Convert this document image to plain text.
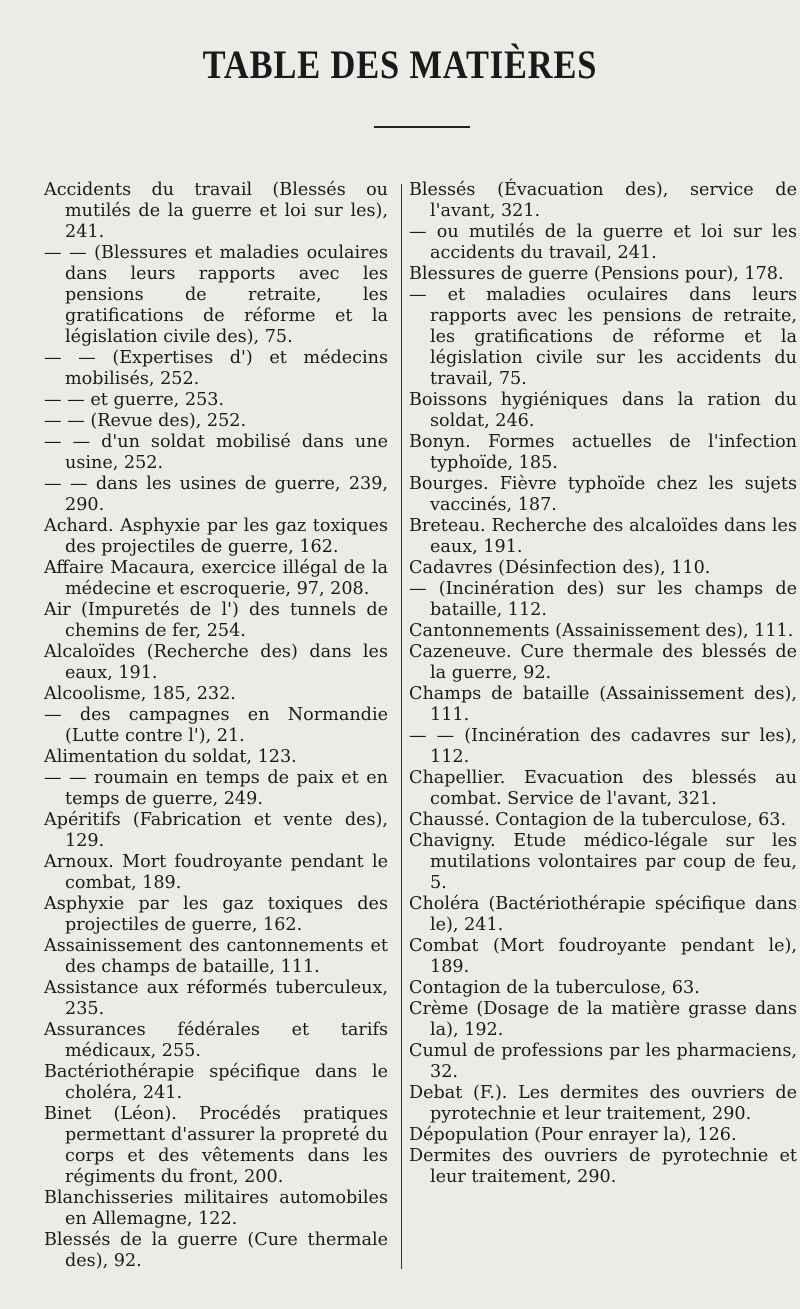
TABLE DES MATIÈRES

Accidents du travail (Blessés ou mutilés de la guerre et loi sur les), 241.

— — (Blessures et maladies oculaires dans leurs rapports avec les pensions de retraite, les gratifications de réforme et la législation civile des), 75.

— — (Expertises d') et médecins mobilisés, 252.

— — et guerre, 253.

— — (Revue des), 252.

— — d'un soldat mobilisé dans une usine, 252.

— — dans les usines de guerre, 239, 290.

Achard. Asphyxie par les gaz toxiques des projectiles de guerre, 162.

Affaire Macaura, exercice illégal de la médecine et escroquerie, 97, 208.

Air (Impuretés de l') des tunnels de chemins de fer, 254.

Alcaloïdes (Recherche des) dans les eaux, 191.

Alcoolisme, 185, 232.

— des campagnes en Normandie (Lutte contre l'), 21.

Alimentation du soldat, 123.

— — roumain en temps de paix et en temps de guerre, 249.

Apéritifs (Fabrication et vente des), 129.

Arnoux. Mort foudroyante pendant le combat, 189.

Asphyxie par les gaz toxiques des projectiles de guerre, 162.

Assainissement des cantonnements et des champs de bataille, 111.

Assistance aux réformés tuberculeux, 235.

Assurances fédérales et tarifs médicaux, 255.

Bactériothérapie spécifique dans le choléra, 241.

Binet (Léon). Procédés pratiques permettant d'assurer la propreté du corps et des vêtements dans les régiments du front, 200.

Blanchisseries militaires automobiles en Allemagne, 122.

Blessés de la guerre (Cure thermale des), 92.

Blessés (Évacuation des), service de l'avant, 321.

— ou mutilés de la guerre et loi sur les accidents du travail, 241.

Blessures de guerre (Pensions pour), 178.

— et maladies oculaires dans leurs rapports avec les pensions de retraite, les gratifications de réforme et la législation civile sur les accidents du travail, 75.

Boissons hygiéniques dans la ration du soldat, 246.

Bonyn. Formes actuelles de l'infection typhoïde, 185.

Bourges. Fièvre typhoïde chez les sujets vaccinés, 187.

Breteau. Recherche des alcaloïdes dans les eaux, 191.

Cadavres (Désinfection des), 110.

— (Incinération des) sur les champs de bataille, 112.

Cantonnements (Assainissement des), 111.

Cazeneuve. Cure thermale des blessés de la guerre, 92.

Champs de bataille (Assainissement des), 111.

— — (Incinération des cadavres sur les), 112.

Chapellier. Evacuation des blessés au combat. Service de l'avant, 321.

Chaussé. Contagion de la tuberculose, 63.

Chavigny. Etude médico-légale sur les mutilations volontaires par coup de feu, 5.

Choléra (Bactériothérapie spécifique dans le), 241.

Combat (Mort foudroyante pendant le), 189.

Contagion de la tuberculose, 63.

Crème (Dosage de la matière grasse dans la), 192.

Cumul de professions par les pharmaciens, 32.

Debat (F.). Les dermites des ouvriers de pyrotechnie et leur traitement, 290.

Dépopulation (Pour enrayer la), 126.

Dermites des ouvriers de pyrotechnie et leur traitement, 290.
